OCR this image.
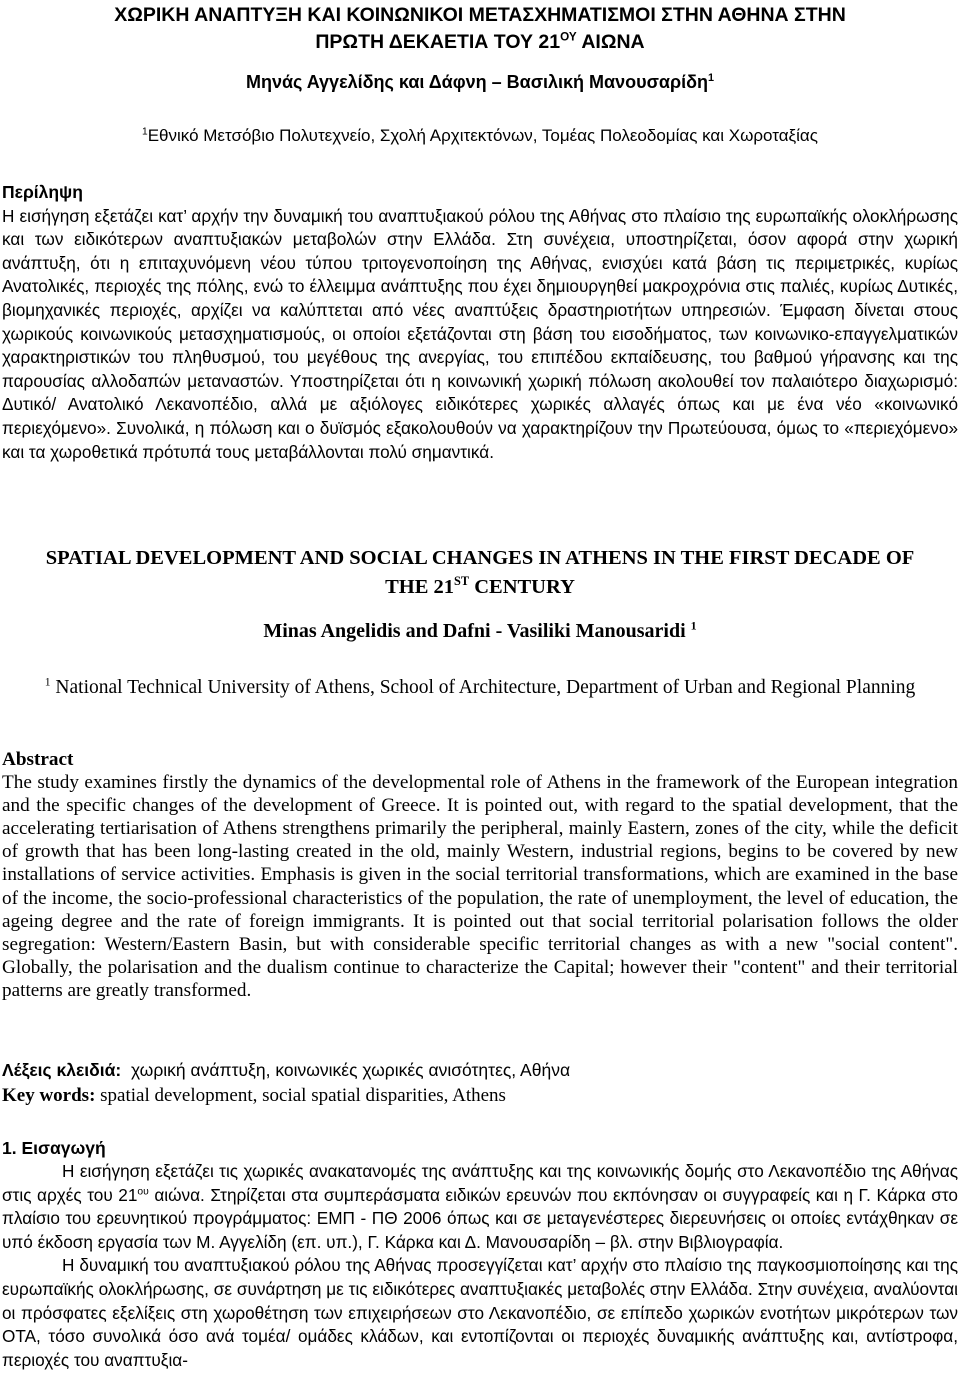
ΧΩΡΙΚΗ ΑΝΑΠΤΥΞΗ ΚΑΙ ΚΟΙΝΩΝΙΚΟΙ ΜΕΤΑΣΧΗΜΑΤΙΣΜΟΙ ΣΤΗΝ ΑΘΗΝΑ ΣΤΗΝ
ΠΡΩΤΗ ΔΕΚΑΕΤΙΑ ΤΟΥ $21^{O\Upsilon}$ ΑΙΩΝΑ
Μηνάς Αγγελίδης και Δάφνη – Βασιλική Μανουσαρίδη$^1$
$^1$Εθνικό Μετσόβιο Πολυτεχνείο, Σχολή Αρχιτεκτόνων, Τομέας Πολεοδομίας και Χωροταξίας
Περίληψη

Η εισήγηση εξετάζει κατ’ αρχήν την δυναμική του αναπτυξιακού ρόλου της Αθήνας στο πλαίσιο της ευρωπαϊκής ολοκλήρωσης και των ειδικότερων αναπτυξιακών μεταβολών στην Ελλάδα. Στη συνέχεια, υποστηρίζεται, όσον αφορά στην χωρική ανάπτυξη, ότι η επιταχυνόμενη νέου τύπου τριτογενοποίηση της Αθήνας, ενισχύει κατά βάση τις περιμετρικές, κυρίως Ανατολικές, περιοχές της πόλης, ενώ το έλλειμμα ανάπτυξης που έχει δημιουργηθεί μακροχρόνια στις παλιές, κυρίως Δυτικές, βιομηχανικές περιοχές, αρχίζει να καλύπτεται από νέες αναπτύξεις δραστηριοτήτων υπηρεσιών. Έμφαση δίνεται στους χωρικούς κοινωνικούς μετασχηματισμούς, οι οποίοι εξετάζονται στη βάση του εισοδήματος, των κοινωνικο-επαγγελματικών χαρακτηριστικών του πληθυσμού, του μεγέθους της ανεργίας, του επιπέδου εκπαίδευσης, του βαθμού γήρανσης και της παρουσίας αλλοδαπών μεταναστών. Υποστηρίζεται ότι η κοινωνική χωρική πόλωση ακολουθεί τον παλαιότερο διαχωρισμό: Δυτικό/ Ανατολικό Λεκανοπέδιο, αλλά με αξιόλογες ειδικότερες χωρικές αλλαγές όπως και με ένα νέο «κοινωνικό περιεχόμενο». Συνολικά, η πόλωση και ο δυϊσμός εξακολουθούν να χαρακτηρίζουν την Πρωτεύουσα, όμως το «περιεχόμενο» και τα χωροθετικά πρότυπά τους μεταβάλλονται πολύ σημαντικά.

SPATIAL DEVELOPMENT AND SOCIAL CHANGES IN ATHENS IN THE FIRST DECADE OF
THE 21ST CENTURY
Minas Angelidis and Dafni - Vasiliki Manousaridi $^1$
$^1$ National Technical University of Athens, School of Architecture, Department of Urban and Regional Planning
Abstract

The study examines firstly the dynamics of the developmental role of Athens in the framework of the European integration and the specific changes of the development of Greece. It is pointed out, with regard to the spatial development, that the accelerating tertiarisation of Athens strengthens primarily the peripheral, mainly Eastern, zones of the city, while the deficit of growth that has been long-lasting created in the old, mainly Western, industrial regions, begins to be covered by new installations of service activities. Emphasis is given in the social territorial transformations, which are examined in the base of the income, the socio-professional characteristics of the population, the rate of unemployment, the level of education, the ageing degree and the rate of foreign immigrants. It is pointed out that social territorial polarisation follows the older segregation: Western/Eastern Basin, but with considerable specific territorial changes as with a new "social content". Globally, the polarisation and the dualism continue to characterize the Capital; however their "content" and their territorial patterns are greatly transformed.

Λέξεις κλειδιά:  χωρική ανάπτυξη, κοινωνικές χωρικές ανισότητες, Αθήνα
Key words: spatial development, social spatial disparities, Athens
1. Εισαγωγή

Η εισήγηση εξετάζει τις χωρικές ανακατανομές της ανάπτυξης και της κοινωνικής δομής στο Λεκανοπέδιο της Αθήνας στις αρχές του $21^{o\upsilon}$ αιώνα. Στηρίζεται στα συμπεράσματα ειδικών ερευνών που εκπόνησαν οι συγγραφείς και η Γ. Κάρκα στο πλαίσιο του ερευνητικού προγράμματος: ΕΜΠ - ΠΘ 2006 όπως και σε μεταγενέστερες διερευνήσεις οι οποίες εντάχθηκαν σε υπό έκδοση εργασία των Μ. Αγγελίδη (επ. υπ.), Γ. Κάρκα και Δ. Μανουσαρίδη – βλ. στην Βιβλιογραφία.

Η δυναμική του αναπτυξιακού ρόλου της Αθήνας προσεγγίζεται κατ’ αρχήν στο πλαίσιο της παγκοσμιοποίησης και της ευρωπαϊκής ολοκλήρωσης, σε συνάρτηση με τις ειδικότερες αναπτυξιακές μεταβολές στην Ελλάδα. Στην συνέχεια, αναλύονται οι πρόσφατες εξελίξεις στη χωροθέτηση των επιχειρήσεων στο Λεκανοπέδιο, σε επίπεδο χωρικών ενοτήτων μικρότερων των ΟΤΑ, τόσο συνολικά όσο ανά τομέα/ ομάδες κλάδων, και εντοπίζονται οι περιοχές δυναμικής ανάπτυξης και, αντίστροφα, περιοχές του αναπτυξια-
